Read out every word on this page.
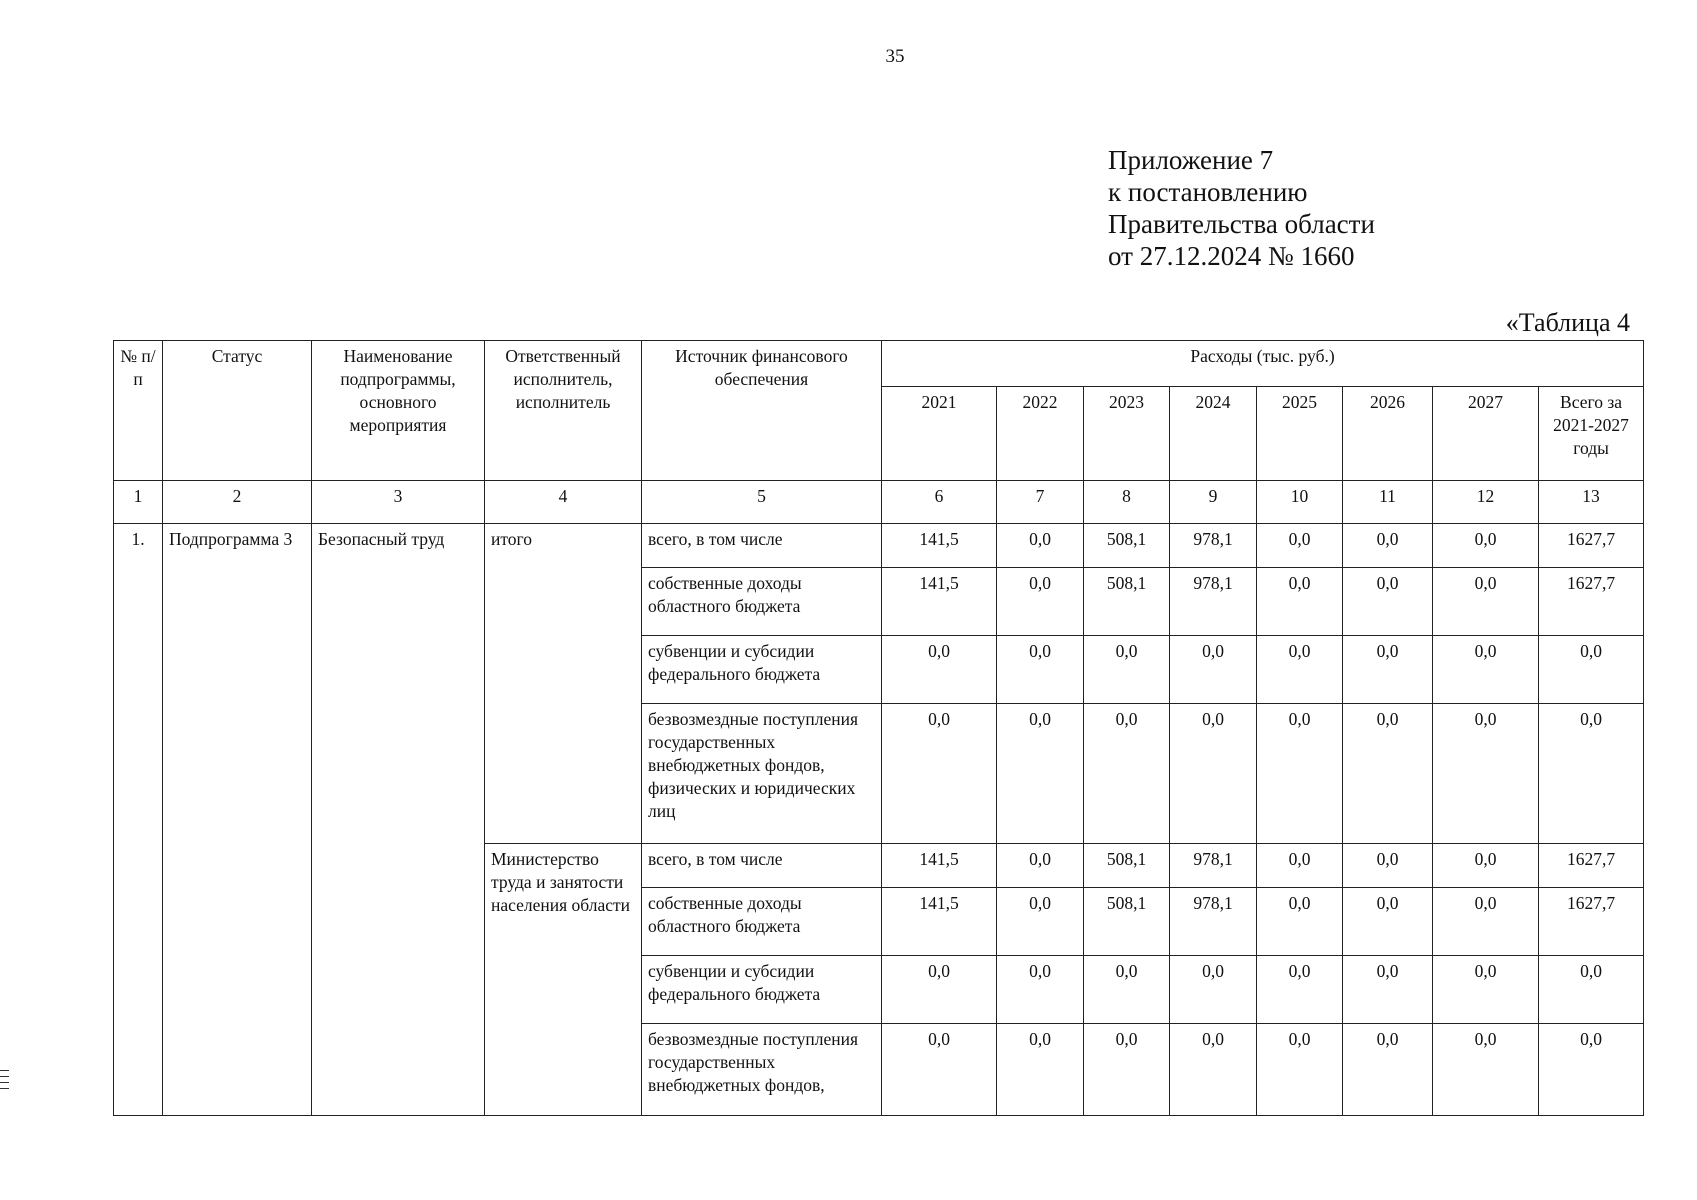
35
Приложение 7
к постановлению
Правительства области
от 27.12.2024 № 1660
«Таблица 4
№ п/п	Статус	Наименование подпрограммы, основного мероприятия	Ответственный исполнитель, исполнитель	Источник финансового обеспечения	Расходы (тыс. руб.)							
					2021	2022	2023	2024	2025	2026	2027	Всего за 2021-2027 годы
1	2	3	4	5	6	7	8	9	10	11	12	13
1.	Подпрограмма 3	Безопасный труд	итого	всего, в том числе	141,5	0,0	508,1	978,1	0,0	0,0	0,0	1627,7
				собственные доходы областного бюджета	141,5	0,0	508,1	978,1	0,0	0,0	0,0	1627,7
				субвенции и субсидии федерального бюджета	0,0	0,0	0,0	0,0	0,0	0,0	0,0	0,0
				безвозмездные поступления государственных внебюджетных фондов, физических и юридических лиц	0,0	0,0	0,0	0,0	0,0	0,0	0,0	0,0
			Министерство труда и занятости населения области	всего, в том числе	141,5	0,0	508,1	978,1	0,0	0,0	0,0	1627,7
				собственные доходы областного бюджета	141,5	0,0	508,1	978,1	0,0	0,0	0,0	1627,7
				субвенции и субсидии федерального бюджета	0,0	0,0	0,0	0,0	0,0	0,0	0,0	0,0
				безвозмездные поступления государственных внебюджетных фондов,	0,0	0,0	0,0	0,0	0,0	0,0	0,0	0,0
